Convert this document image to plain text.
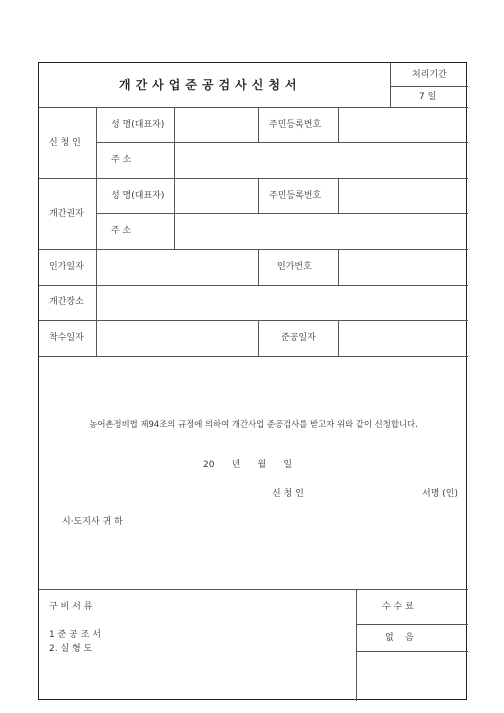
개간사업준공검사신청서
처리기간
7 일
신 청 인
성 명(대표자)	주민등록번호
주 소
개간권자
성 명(대표자)	주민등록번호
주 소
인가일자	인가번호
개간장소
착수일자	준공일자
농어촌정비법 제94조의 규정에 의하여 개간사업 준공검사를 받고자 위와 같이 신청합니다.
20      년      월      일
신 청 인	서명 (인)
시·도지사 귀 하
구 비 서 류
1 준 공 조 서
2. 실 형 도
수 수 료
없    음
